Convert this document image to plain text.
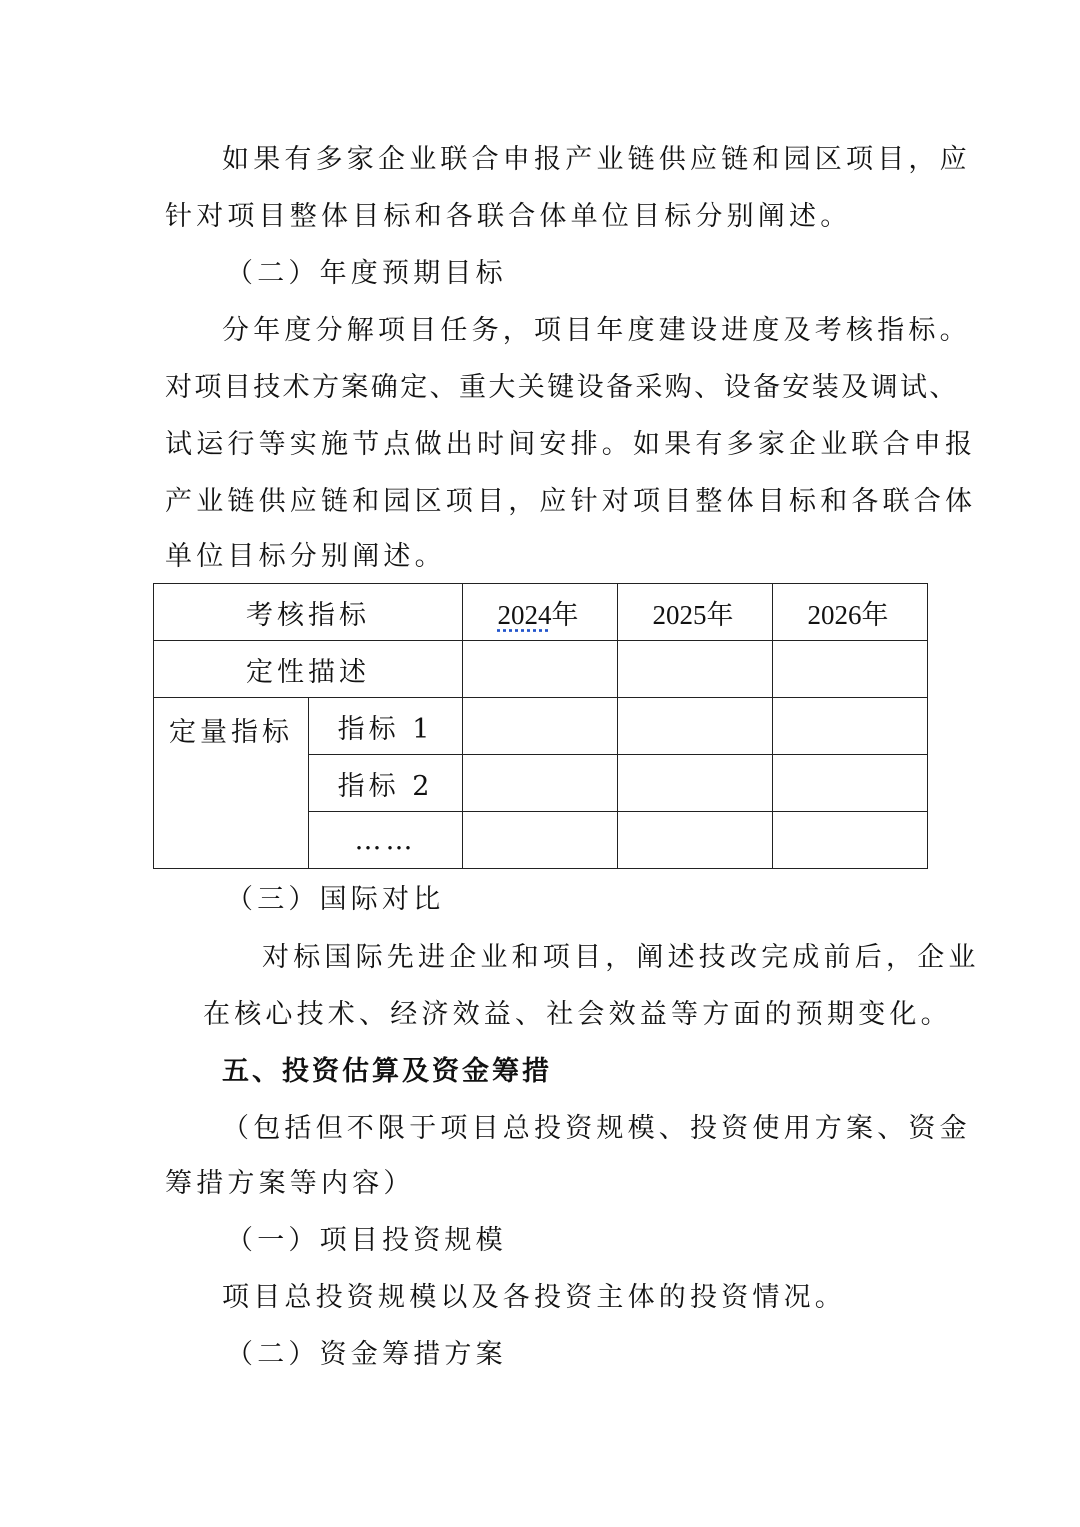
如果有多家企业联合申报产业链供应链和园区项目，应
针对项目整体目标和各联合体单位目标分别阐述。
（二）年度预期目标
分年度分解项目任务，项目年度建设进度及考核指标。
对项目技术方案确定、重大关键设备采购、设备安装及调试、
试运行等实施节点做出时间安排。如果有多家企业联合申报
产业链供应链和园区项目，应针对项目整体目标和各联合体
单位目标分别阐述。
考核指标		2024年	2025年	2026年
定性描述				
定量指标	指标 1			
	指标 2			
	……			
（三）国际对比
对标国际先进企业和项目，阐述技改完成前后，企业
在核心技术、经济效益、社会效益等方面的预期变化。
五、投资估算及资金筹措
（包括但不限于项目总投资规模、投资使用方案、资金
筹措方案等内容）
（一）项目投资规模
项目总投资规模以及各投资主体的投资情况。
（二）资金筹措方案
